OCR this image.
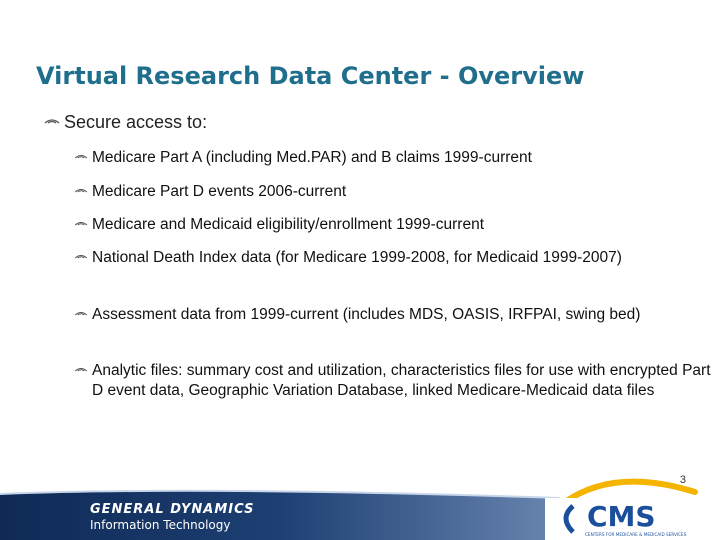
Virtual Research Data Center - Overview
Secure access to:
Medicare Part A (including Med.PAR) and B claims 1999-current
Medicare Part D events 2006-current
Medicare and Medicaid eligibility/enrollment 1999-current
National Death Index data (for Medicare 1999-2008, for Medicaid 1999-2007)
Assessment data from 1999-current (includes MDS, OASIS, IRFPAI, swing bed)
Analytic files: summary cost and utilization, characteristics files for use with encrypted Part D event data, Geographic Variation Database, linked Medicare-Medicaid data files
3
GENERAL DYNAMICS
Information Technology	CMS
CENTERS FOR MEDICARE & MEDICAID SERVICES
